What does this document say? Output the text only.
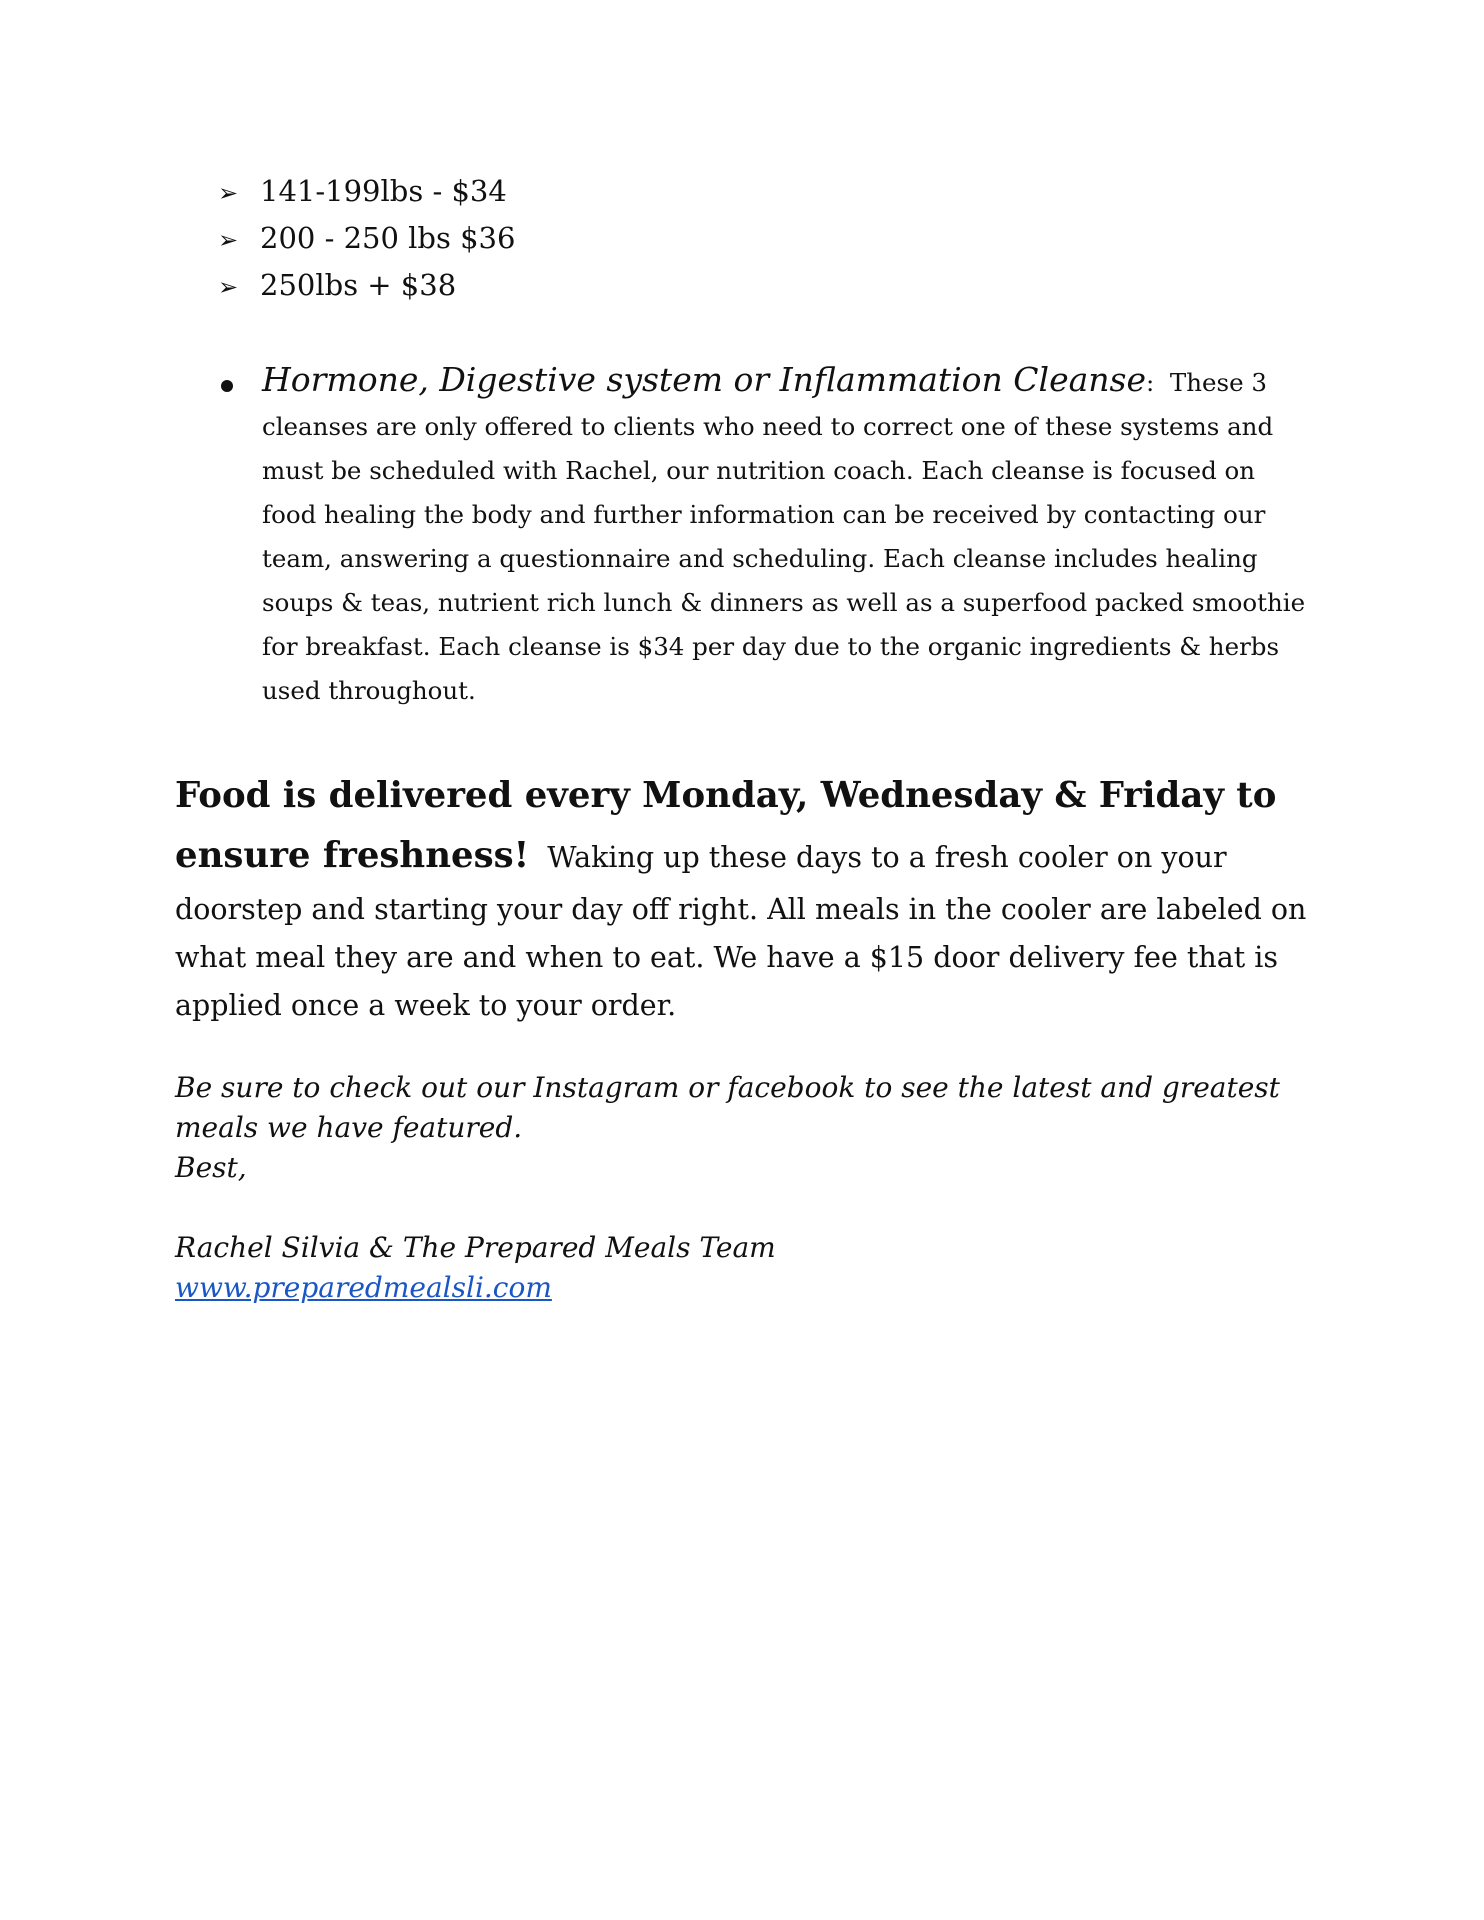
➢ 141-199lbs - $34
➢ 200 - 250 lbs $36
➢ 250lbs + $38
Hormone, Digestive system or Inflammation Cleanse: These 3 cleanses are only offered to clients who need to correct one of these systems and must be scheduled with Rachel, our nutrition coach. Each cleanse is focused on food healing the body and further information can be received by contacting our team, answering a questionnaire and scheduling. Each cleanse includes healing soups & teas, nutrient rich lunch & dinners as well as a superfood packed smoothie for breakfast. Each cleanse is $34 per day due to the organic ingredients & herbs used throughout.
Food is delivered every Monday, Wednesday & Friday to ensure freshness! Waking up these days to a fresh cooler on your doorstep and starting your day off right. All meals in the cooler are labeled on what meal they are and when to eat. We have a $15 door delivery fee that is applied once a week to your order.

Be sure to check out our Instagram or facebook to see the latest and greatest meals we have featured.

Best,

Rachel Silvia & The Prepared Meals Team

www.preparedmealsli.com
